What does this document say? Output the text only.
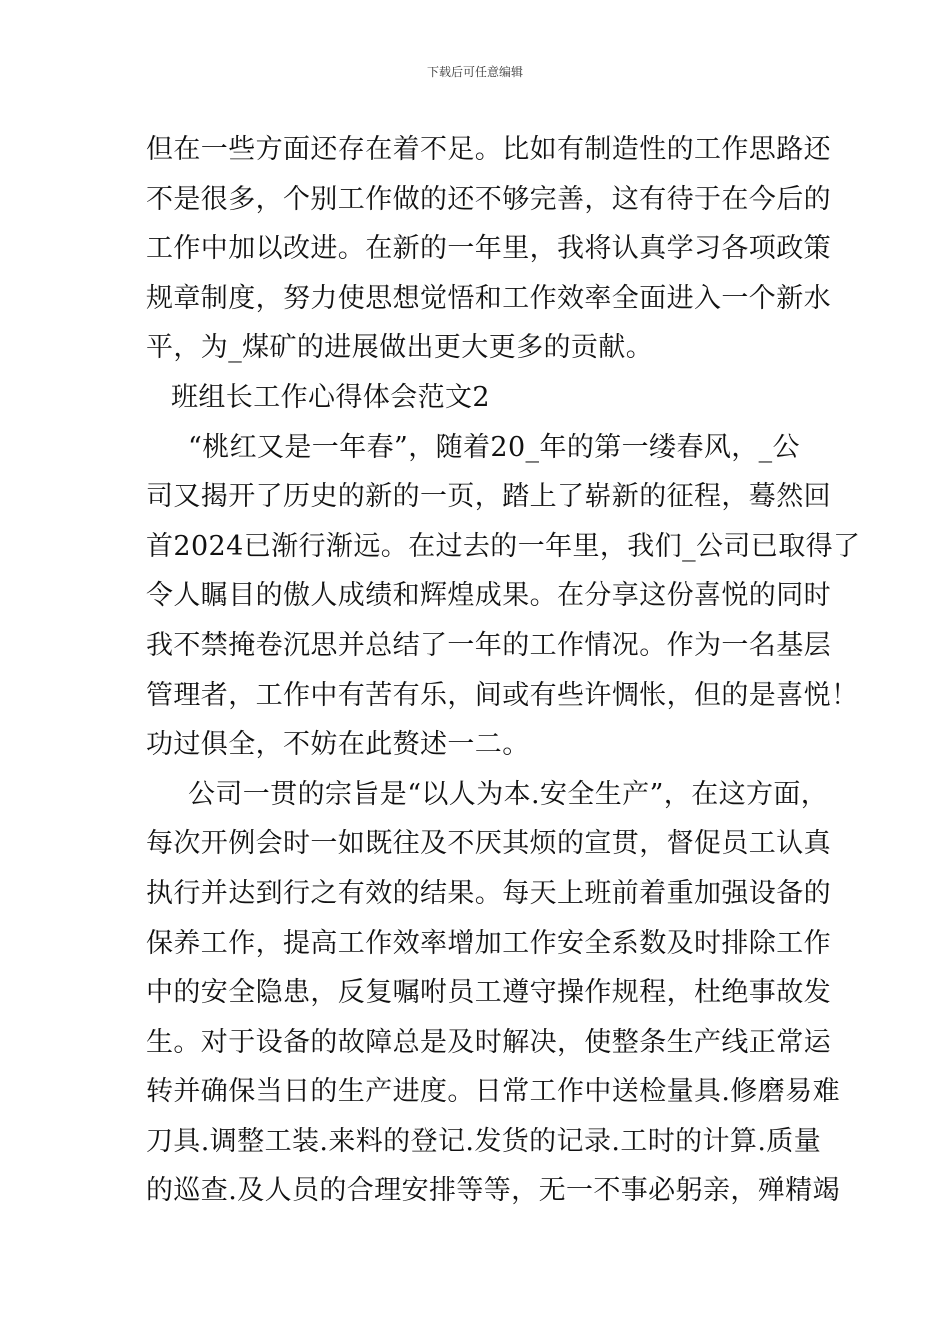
下载后可任意编辑
但在一些方面还存在着不足。比如有制造性的工作思路还
不是很多，个别工作做的还不够完善，这有待于在今后的
工作中加以改进。在新的一年里，我将认真学习各项政策
规章制度，努力使思想觉悟和工作效率全面进入一个新水
平，为_煤矿的进展做出更大更多的贡献。
班组长工作心得体会范文2
“桃红又是一年春”，随着20_年的第一缕春风，_公
司又揭开了历史的新的一页，踏上了崭新的征程，蓦然回
首2024已渐行渐远。在过去的一年里，我们_公司已取得了
令人瞩目的傲人成绩和辉煌成果。在分享这份喜悦的同时
我不禁掩卷沉思并总结了一年的工作情况。作为一名基层
管理者，工作中有苦有乐，间或有些许惆怅，但的是喜悦！
功过俱全，不妨在此赘述一二。
公司一贯的宗旨是“以人为本.安全生产”，在这方面，
每次开例会时一如既往及不厌其烦的宣贯，督促员工认真
执行并达到行之有效的结果。每天上班前着重加强设备的
保养工作，提高工作效率增加工作安全系数及时排除工作
中的安全隐患，反复嘱咐员工遵守操作规程，杜绝事故发
生。对于设备的故障总是及时解决，使整条生产线正常运
转并确保当日的生产进度。日常工作中送检量具.修磨易难
刀具.调整工装.来料的登记.发货的记录.工时的计算.质量
的巡查.及人员的合理安排等等，无一不事必躬亲，殚精竭
